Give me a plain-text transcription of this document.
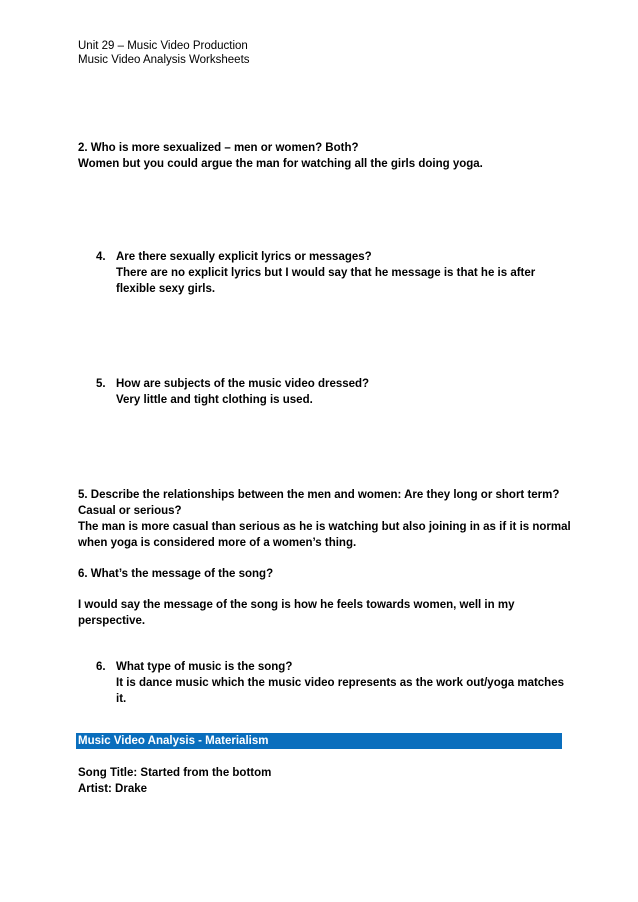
Unit 29 – Music Video Production
Music Video Analysis Worksheets
2. Who is more sexualized – men or women? Both?
Women but you could argue the man for watching all the girls doing yoga.
4. Are there sexually explicit lyrics or messages?
There are no explicit lyrics but I would say that he message is that he is after
flexible sexy girls.
5. How are subjects of the music video dressed?
Very little and tight clothing is used.
5. Describe the relationships between the men and women: Are they long or short term?
Casual or serious?
The man is more casual than serious as he is watching but also joining in as if it is normal
when yoga is considered more of a women’s thing.
6. What’s the message of the song?
I would say the message of the song is how he feels towards women, well in my
perspective.
6. What type of music is the song?
It is dance music which the music video represents as the work out/yoga matches
it.
Music Video Analysis - Materialism
Song Title: Started from the bottom
Artist: Drake
